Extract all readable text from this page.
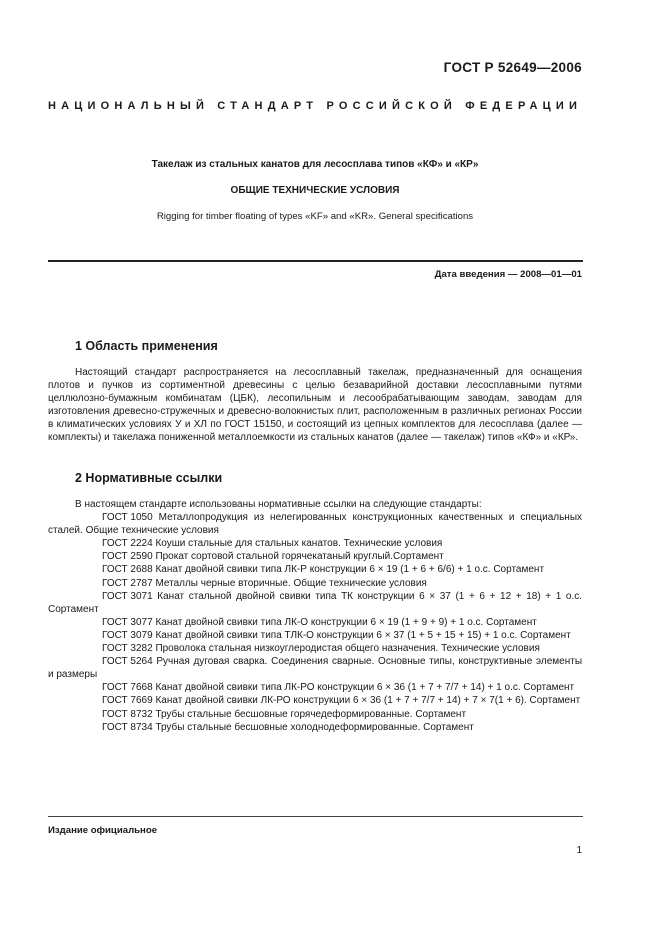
ГОСТ Р 52649—2006
НАЦИОНАЛЬНЫЙ СТАНДАРТ РОССИЙСКОЙ ФЕДЕРАЦИИ
Такелаж из стальных канатов для лесосплава типов «КФ» и «КР»
ОБЩИЕ ТЕХНИЧЕСКИЕ УСЛОВИЯ
Rigging for timber floating of types «KF» and «KR». General specifications
Дата введения — 2008—01—01
1 Область применения

Настоящий стандарт распространяется на лесосплавный такелаж, предназначенный для оснащения плотов и пучков из сортиментной древесины с целью безаварийной доставки лесосплавными путями целлюлозно-бумажным комбинатам (ЦБК), лесопильным и лесообрабатывающим заводам, заводам для изготовления древесно-стружечных и древесно-волокнистых плит, расположенным в различных регионах России в климатических условиях У и ХЛ по ГОСТ 15150, и состоящий из цепных комплектов для лесосплава (далее — комплекты) и такелажа пониженной металлоемкости из стальных канатов (далее — такелаж) типов «КФ» и «КР».

2 Нормативные ссылки

В настоящем стандарте использованы нормативные ссылки на следующие стандарты:

ГОСТ 1050 Металлопродукция из нелегированных конструкционных качественных и специальных сталей. Общие технические условия

ГОСТ 2224 Коуши стальные для стальных канатов. Технические условия

ГОСТ 2590 Прокат сортовой стальной горячекатаный круглый.Сортамент

ГОСТ 2688 Канат двойной свивки типа ЛК-Р конструкции 6 × 19 (1 + 6 + 6/6) + 1 о.с. Сортамент

ГОСТ 2787 Металлы черные вторичные. Общие технические условия

ГОСТ 3071 Канат стальной двойной свивки типа ТК конструкции 6 × 37 (1 + 6 + 12 + 18) + 1 о.с. Сортамент

ГОСТ 3077 Канат двойной свивки типа ЛК-О конструкции 6 × 19 (1 + 9 + 9) + 1 о.с. Сортамент

ГОСТ 3079 Канат двойной свивки типа ТЛК-О конструкции 6 × 37 (1 + 5 + 15 + 15) + 1 о.с. Сортамент

ГОСТ 3282 Проволока стальная низкоуглеродистая общего назначения. Технические условия

ГОСТ 5264 Ручная дуговая сварка. Соединения сварные. Основные типы, конструктивные элементы и размеры

ГОСТ 7668 Канат двойной свивки типа ЛК-РО конструкции 6 × 36 (1 + 7 + 7/7 + 14) + 1 о.с. Сортамент

ГОСТ 7669 Канат двойной свивки ЛК-РО конструкции 6 × 36 (1 + 7 + 7/7 + 14) + 7 × 7(1 + 6). Сортамент

ГОСТ 8732 Трубы стальные бесшовные горячедеформированные. Сортамент

ГОСТ 8734 Трубы стальные бесшовные холоднодеформированные. Сортамент

Издание официальное
1
